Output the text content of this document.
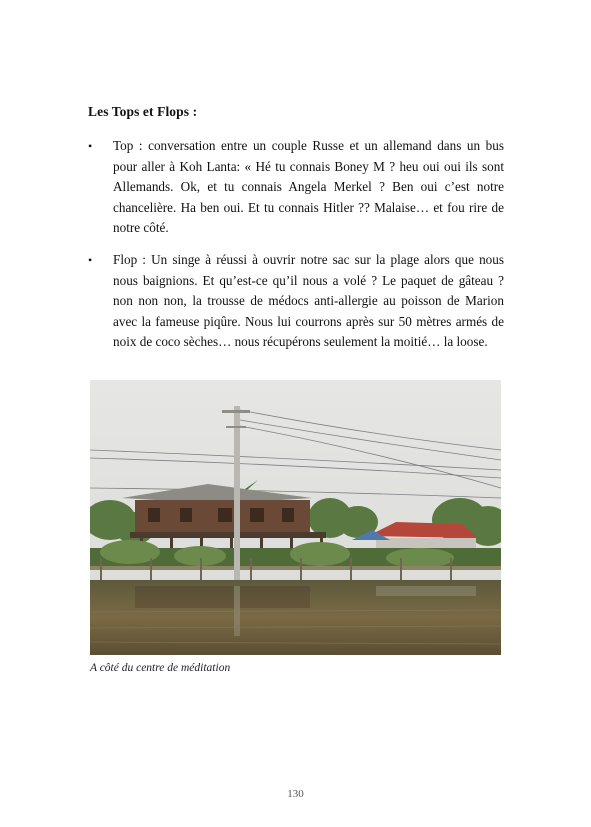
Les Tops et Flops :
• Top : conversation entre un couple Russe et un allemand dans un bus pour aller à Koh Lanta: « Hé tu connais Boney M ? heu oui oui ils sont Allemands. Ok, et tu connais Angela Merkel ? Ben oui c’est notre chancelière. Ha ben oui. Et tu connais Hitler ?? Malaise… et fou rire de notre côté.
• Flop : Un singe à réussi à ouvrir notre sac sur la plage alors que nous nous baignions. Et qu’est-ce qu’il nous a volé ? Le paquet de gâteau ? non non non, la trousse de médocs anti-allergie au poisson de Marion avec la fameuse piqûre. Nous lui courrons après sur 50 mètres armés de noix de coco sèches… nous récupérons seulement la moitié… la loose.
A côté du centre de méditation
130
